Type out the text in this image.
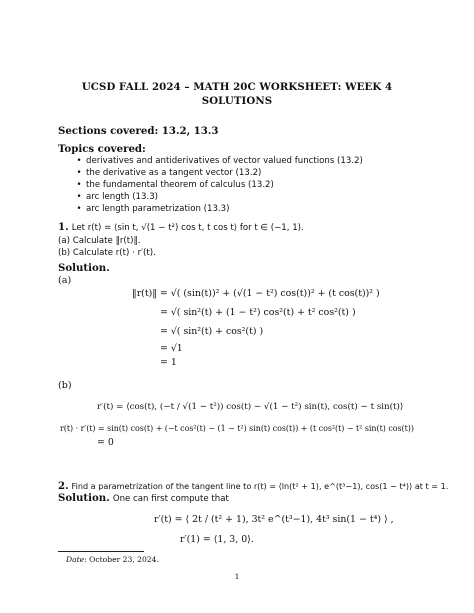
UCSD FALL 2024 – MATH 20C WORKSHEET: WEEK 4
SOLUTIONS
Sections covered: 13.2, 13.3
Topics covered:
• derivatives and antiderivatives of vector valued functions (13.2)
• the derivative as a tangent vector (13.2)
• the fundamental theorem of calculus (13.2)
• arc length (13.3)
• arc length parametrization (13.3)
1. Let r(t) = ⟨sin t, √(1 − t²) cos t, t cos t⟩ for t ∈ (−1, 1).
(a) Calculate ‖r(t)‖.
(b) Calculate r(t) · r′(t).
Solution.
(a)
‖r(t)‖ = √( (sin(t))² + (√(1 − t²) cos(t))² + (t cos(t))² )
= √( sin²(t) + (1 − t²) cos²(t) + t² cos²(t) )
= √( sin²(t) + cos²(t) )
= √1
= 1
(b)
r′(t) = ⟨cos(t), (−t / √(1 − t²)) cos(t) − √(1 − t²) sin(t), cos(t) − t sin(t)⟩
r(t) · r′(t) = sin(t) cos(t) + (−t cos²(t) − (1 − t²) sin(t) cos(t)) + (t cos²(t) − t² sin(t) cos(t))
= 0
2. Find a parametrization of the tangent line to r(t) = ⟨ln(t² + 1), e^(t³−1), cos(1 − t⁴)⟩ at t = 1.
Solution. One can first compute that
r′(t) = ⟨ 2t / (t² + 1), 3t² e^(t³−1), 4t³ sin(1 − t⁴) ⟩ ,
r′(1) = ⟨1, 3, 0⟩.
Date: October 23, 2024.
1
